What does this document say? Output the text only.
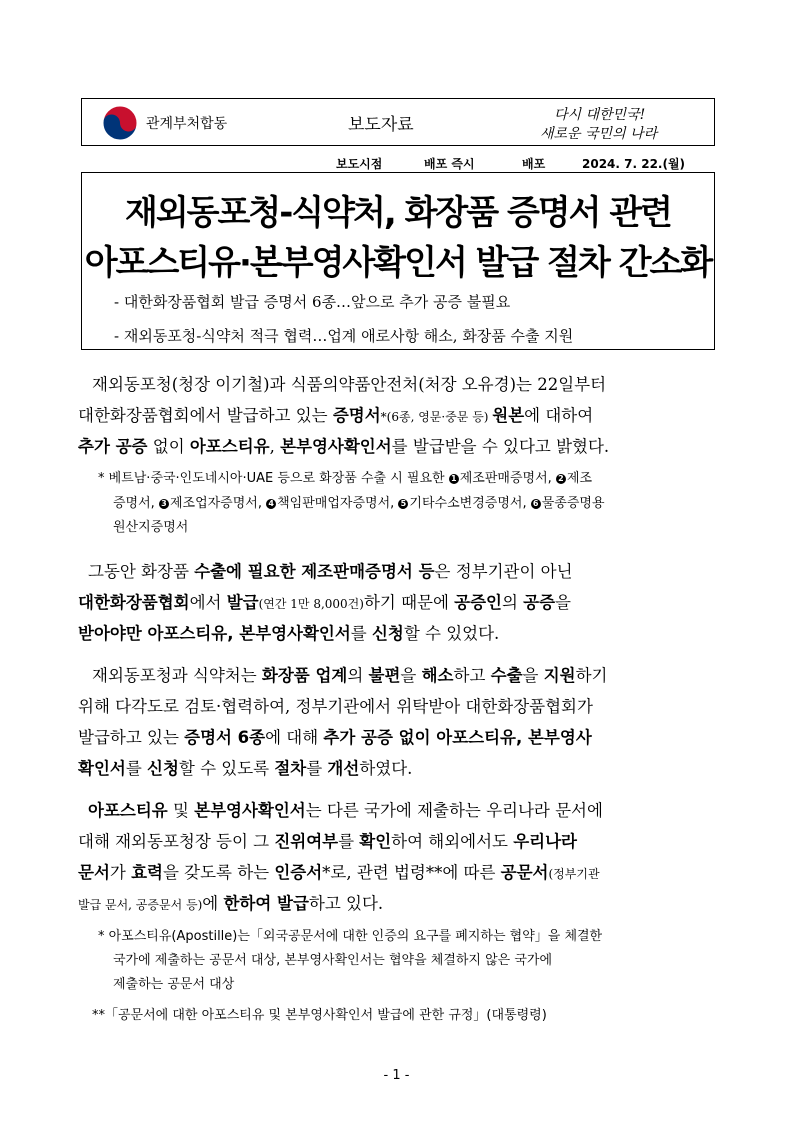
관계부처합동	보도자료	다시 대한민국!
새로운 국민의 나라
보도시점	배포 즉시	배포	2024. 7. 22.(월)
재외동포청-식약처, 화장품 증명서 관련
아포스티유·본부영사확인서 발급 절차 간소화
- 대한화장품협회 발급 증명서 6종…앞으로 추가 공증 불필요
- 재외동포청-식약처 적극 협력…업계 애로사항 해소, 화장품 수출 지원
재외동포청(청장 이기철)과 식품의약품안전처(처장 오유경)는 22일부터
대한화장품협회에서 발급하고 있는 증명서*(6종, 영문·중문 등) 원본에 대하여
추가 공증 없이 아포스티유, 본부영사확인서를 발급받을 수 있다고 밝혔다.
* 베트남·중국·인도네시아·UAE 등으로 화장품 수출 시 필요한 1 제조판매증명서, 2 제조
증명서, 3 제조업자증명서, 4 책임판매업자증명서, 5 기타수소변경증명서, 6 물종증명용
원산지증명서
그동안 화장품 수출에 필요한 제조판매증명서 등은 정부기관이 아닌
대한화장품협회에서 발급(연간 1만 8,000건)하기 때문에 공증인의 공증을
받아야만 아포스티유, 본부영사확인서를 신청할 수 있었다.
재외동포청과 식약처는 화장품 업계의 불편을 해소하고 수출을 지원하기
위해 다각도로 검토·협력하여, 정부기관에서 위탁받아 대한화장품협회가
발급하고 있는 증명서 6종에 대해 추가 공증 없이 아포스티유, 본부영사
확인서를 신청할 수 있도록 절차를 개선하였다.
아포스티유 및 본부영사확인서는 다른 국가에 제출하는 우리나라 문서에
대해 재외동포청장 등이 그 진위여부를 확인하여 해외에서도 우리나라
문서가 효력을 갖도록 하는 인증서*로, 관련 법령**에 따른 공문서(정부기관
발급 문서, 공증문서 등)에 한하여 발급하고 있다.
* 아포스티유(Apostille)는「외국공문서에 대한 인증의 요구를 폐지하는 협약」을 체결한
국가에 제출하는 공문서 대상, 본부영사확인서는 협약을 체결하지 않은 국가에
제출하는 공문서 대상
**「공문서에 대한 아포스티유 및 본부영사확인서 발급에 관한 규정」(대통령령)
- 1 -
